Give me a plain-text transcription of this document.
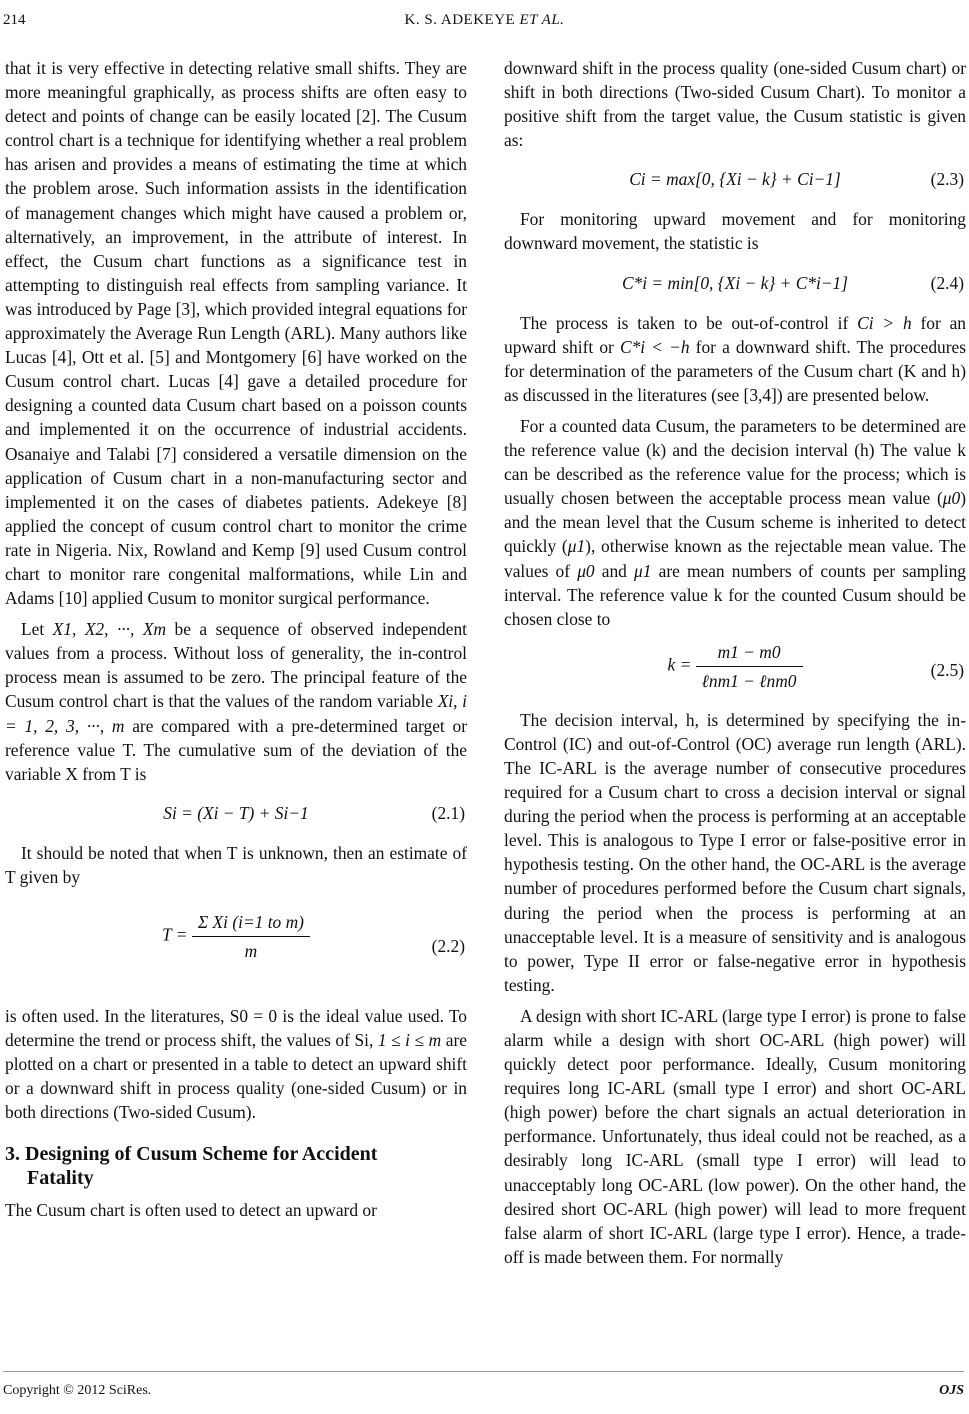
214	K. S. ADEKEYE ET AL.

that it is very effective in detecting relative small shifts. They are more meaningful graphically, as process shifts are often easy to detect and points of change can be easily located [2]. The Cusum control chart is a technique for identifying whether a real problem has arisen and provides a means of estimating the time at which the problem arose. Such information assists in the identification of management changes which might have caused a problem or, alternatively, an improvement, in the attribute of interest. In effect, the Cusum chart functions as a significance test in attempting to distinguish real effects from sampling variance. It was introduced by Page [3], which provided integral equations for approximately the Average Run Length (ARL). Many authors like Lucas [4], Ott et al. [5] and Montgomery [6] have worked on the Cusum control chart. Lucas [4] gave a detailed procedure for designing a counted data Cusum chart based on a poisson counts and implemented it on the occurrence of industrial accidents. Osanaiye and Talabi [7] considered a versatile dimension on the application of Cusum chart in a non-manufacturing sector and implemented it on the cases of diabetes patients. Adekeye [8] applied the concept of cusum control chart to monitor the crime rate in Nigeria. Nix, Rowland and Kemp [9] used Cusum control chart to monitor rare congenital malformations, while Lin and Adams [10] applied Cusum to monitor surgical performance.

Let X1, X2, ···, Xm be a sequence of observed independent values from a process. Without loss of generality, the in-control process mean is assumed to be zero. The principal feature of the Cusum control chart is that the values of the random variable Xi, i = 1, 2, 3, ···, m are compared with a pre-determined target or reference value T. The cumulative sum of the deviation of the variable X from T is

Si = (Xi − T) + Si−1	(2.1)

It should be noted that when T is unknown, then an estimate of T given by

$T = \frac{\text{Σ Xi (i=1 to m)}}{m}$	(2.2)

is often used. In the literatures, S0 = 0 is the ideal value used. To determine the trend or process shift, the values of Si, 1 ≤ i ≤ m are plotted on a chart or presented in a table to detect an upward shift or a downward shift in process quality (one-sided Cusum) or in both directions (Two-sided Cusum).

3. Designing of Cusum Scheme for Accident
Fatality

The Cusum chart is often used to detect an upward or

downward shift in the process quality (one-sided Cusum chart) or shift in both directions (Two-sided Cusum Chart). To monitor a positive shift from the target value, the Cusum statistic is given as:

Ci = max[0, {Xi − k} + Ci−1]	(2.3)

For monitoring upward movement and for monitoring downward movement, the statistic is

C*i = min[0, {Xi − k} + C*i−1]	(2.4)

The process is taken to be out-of-control if Ci > h for an upward shift or C*i < −h for a downward shift. The procedures for determination of the parameters of the Cusum chart (K and h) as discussed in the literatures (see [3,4]) are presented below.

For a counted data Cusum, the parameters to be determined are the reference value (k) and the decision interval (h) The value k can be described as the reference value for the process; which is usually chosen between the acceptable process mean value (μ0) and the mean level that the Cusum scheme is inherited to detect quickly (μ1), otherwise known as the rejectable mean value. The values of μ0 and μ1 are mean numbers of counts per sampling interval. The reference value k for the counted Cusum should be chosen close to

$k = \frac{m1 - m0}{\text{ℓnm1 − ℓnm0}}$	(2.5)

The decision interval, h, is determined by specifying the in-Control (IC) and out-of-Control (OC) average run length (ARL). The IC-ARL is the average number of consecutive procedures required for a Cusum chart to cross a decision interval or signal during the period when the process is performing at an acceptable level. This is analogous to Type I error or false-positive error in hypothesis testing. On the other hand, the OC-ARL is the average number of procedures performed before the Cusum chart signals, during the period when the process is performing at an unacceptable level. It is a measure of sensitivity and is analogous to power, Type II error or false-negative error in hypothesis testing.

A design with short IC-ARL (large type I error) is prone to false alarm while a design with short OC-ARL (high power) will quickly detect poor performance. Ideally, Cusum monitoring requires long IC-ARL (small type I error) and short OC-ARL (high power) before the chart signals an actual deterioration in performance. Unfortunately, thus ideal could not be reached, as a desirably long IC-ARL (small type I error) will lead to unacceptably long OC-ARL (low power). On the other hand, the desired short OC-ARL (high power) will lead to more frequent false alarm of short IC-ARL (large type I error). Hence, a trade-off is made between them. For normally

Copyright © 2012 SciRes.	OJS
